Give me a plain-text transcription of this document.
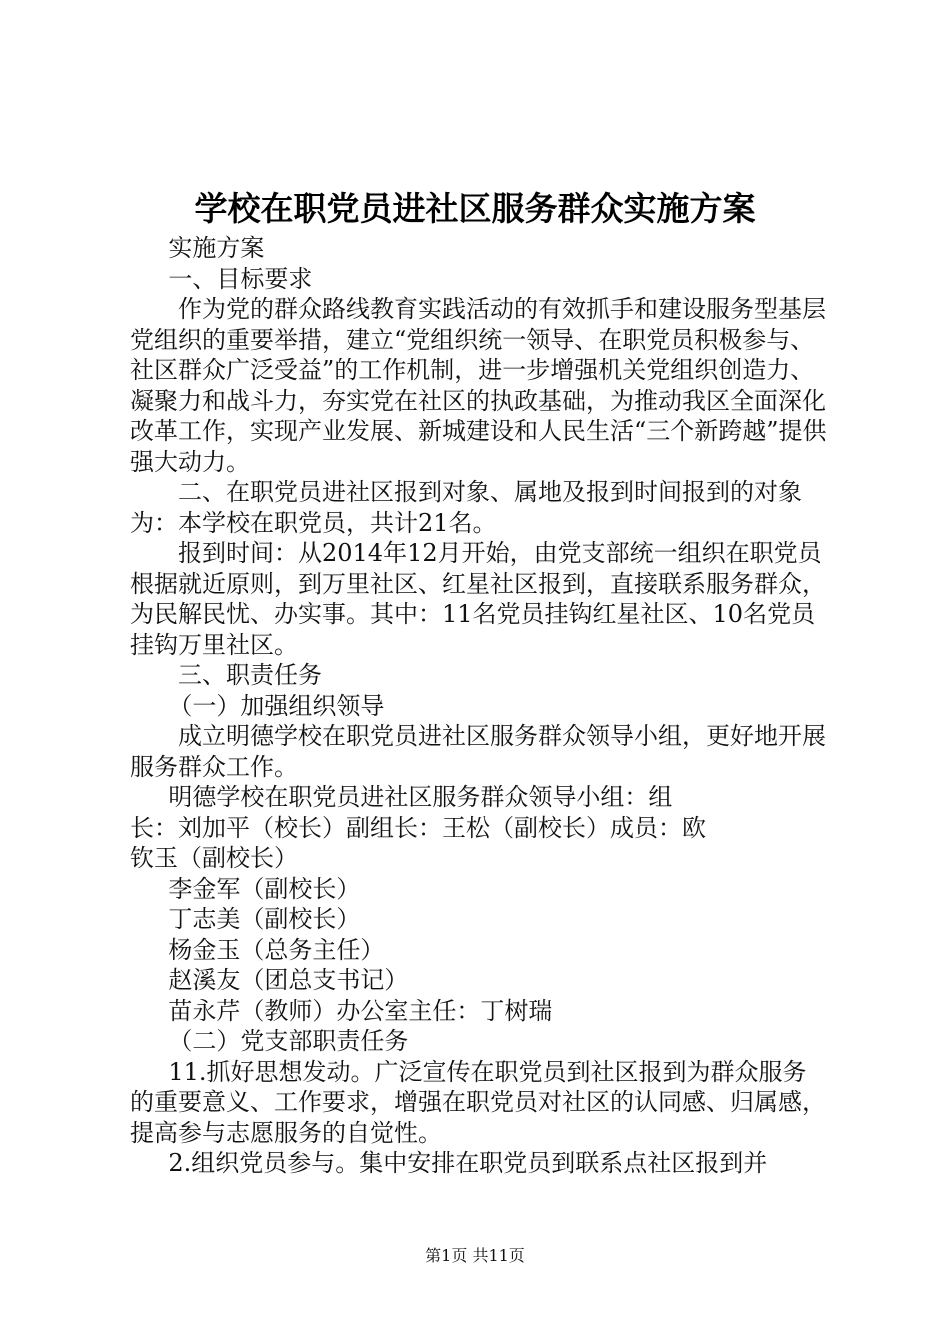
学校在职党员进社区服务群众实施方案

实施方案

一、目标要求

作为党的群众路线教育实践活动的有效抓手和建设服务型基层党组织的重要举措，建立“党组织统一领导、在职党员积极参与、社区群众广泛受益”的工作机制，进一步增强机关党组织创造力、凝聚力和战斗力，夯实党在社区的执政基础，为推动我区全面深化改革工作，实现产业发展、新城建设和人民生活“三个新跨越”提供强大动力。

二、在职党员进社区报到对象、属地及报到时间报到的对象为：本学校在职党员，共计21名。

报到时间：从2014年12月开始，由党支部统一组织在职党员根据就近原则，到万里社区、红星社区报到，直接联系服务群众，为民解民忧、办实事。其中：11名党员挂钩红星社区、10名党员挂钩万里社区。

三、职责任务

（一）加强组织领导

成立明德学校在职党员进社区服务群众领导小组，更好地开展服务群众工作。

明德学校在职党员进社区服务群众领导小组：组长：刘加平（校长）副组长：王松（副校长）成员：欧钦玉（副校长）

李金军（副校长）

丁志美（副校长）

杨金玉（总务主任）

赵溪友（团总支书记）

苗永芹（教师）办公室主任：丁树瑞

（二）党支部职责任务

11.抓好思想发动。广泛宣传在职党员到社区报到为群众服务的重要意义、工作要求，增强在职党员对社区的认同感、归属感，提高参与志愿服务的自觉性。

2.组织党员参与。集中安排在职党员到联系点社区报到并

第1页 共11页
